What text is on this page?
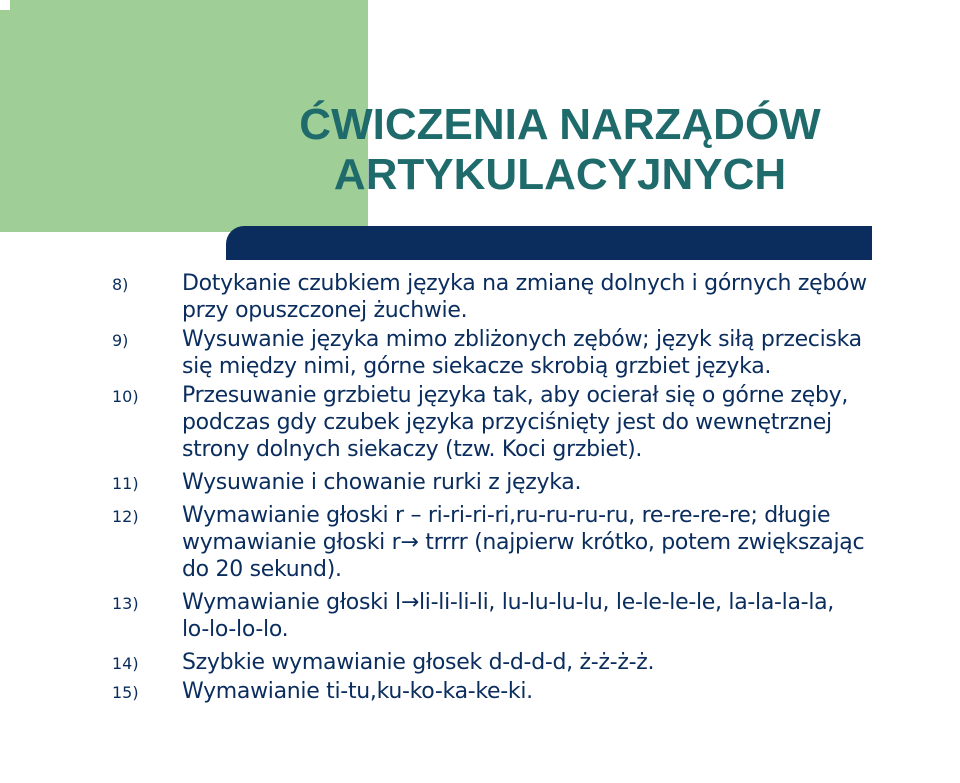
ĆWICZENIA NARZĄDÓW
ARTYKULACYJNYCH
8)	Dotykanie czubkiem języka na zmianę dolnych i górnych zębów
przy opuszczonej żuchwie.
9)	Wysuwanie języka mimo zbliżonych zębów; język siłą przeciska
się między nimi, górne siekacze skrobią grzbiet języka.
10)	Przesuwanie grzbietu języka tak, aby ocierał się o górne zęby,
podczas gdy czubek języka przyciśnięty jest do wewnętrznej
strony dolnych siekaczy (tzw. Koci grzbiet).
11)	Wysuwanie i chowanie rurki z języka.
12)	Wymawianie głoski r – ri-ri-ri-ri,ru-ru-ru-ru, re-re-re-re; długie
wymawianie głoski r→ trrrr (najpierw krótko, potem zwiększając
do 20 sekund).
13)	Wymawianie głoski l→li-li-li-li, lu-lu-lu-lu, le-le-le-le, la-la-la-la,
lo-lo-lo-lo.
14)	Szybkie wymawianie głosek d-d-d-d, ż-ż-ż-ż.
15)	Wymawianie ti-tu,ku-ko-ka-ke-ki.
